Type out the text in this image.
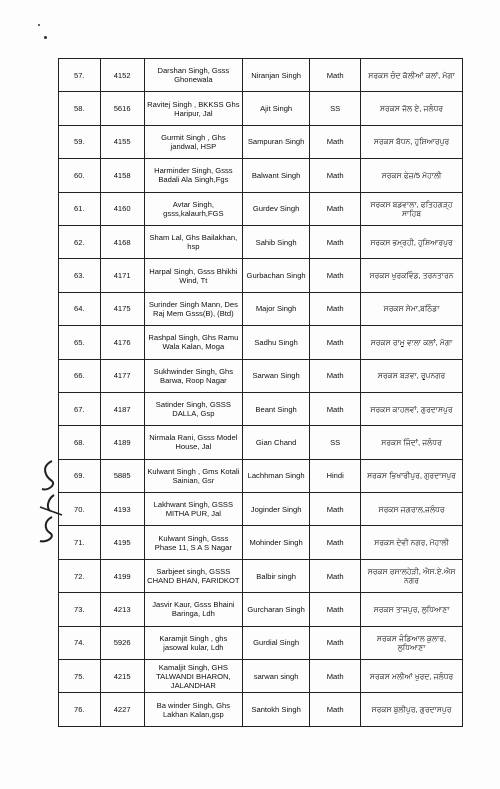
57.	4152	Darshan Singh, Gsss Ghonewala	Niranjan Singh	Math	ਸਰਕਸ ਚੰਦ ਕੱਲੀਆਂ ਕਲਾਂ, ਮੋਗਾ

58.	5616	Ravitej Singh , BKKSS Ghs Haripur, Jal	Ajit Singh	SS	ਸਰਕਸ ਜੱਲ ਏ, ਜਲੰਧਰ

59.	4155	Gurmit Singh , Ghs jandwal, HSP	Sampuran Singh	Math	ਸਰਕਸ ਬੱਧਨ, ਹੁਸ਼ਿਆਰਪੁਰ

60.	4158	Harminder Singh, Gsss Badali Ala Singh,Fgs	Balwant Singh	Math	ਸਰਕਸ ਫੇਜ਼/5 ਮੋਹਾਲੀ

61.	4160	Avtar Singh, gsss,kalaurh,FGS	Gurdev Singh	Math	ਸਰਕਸ ਬਡਵਾਲਾ, ਫਤਿਹਗੜ੍ਹ ਸਾਹਿਬ

62.	4168	Sham Lal, Ghs Bailakhan, hsp	Sahib Singh	Math	ਸਰਕਸ ਭਮ੍ਰਹੀ, ਹੁਸ਼ਿਆਰਪੁਰ

63.	4171	Harpal Singh, Gsss Bhikhi Wind, Tt	Gurbachan Singh	Math	ਸਰਕਸ ਖੁਰਕਵਿੰਡ, ਤਰਨਤਾਰਨ

64.	4175	Surinder Singh Mann, Des Raj Mem Gsss(B), (Btd)	Major Singh	Math	ਸਰਕਸ ਸੇਮਾ,ਬਠਿੰਡਾ

65.	4176	Rashpal Singh, Ghs Ramu Wala Kalan, Moga	Sadhu Singh	Math	ਸਰਕਸ ਰਾਮੂ ਵਾਲਾ ਕਲਾਂ, ਮੋਗਾ

66.	4177	Sukhwinder Singh, Ghs Barwa, Roop Nagar	Sarwan Singh	Math	ਸਰਕਸ ਬੜਵਾ, ਰੂਪਨਗਰ

67.	4187	Satinder Singh, GSSS DALLA, Gsp	Beant Singh	Math	ਸਰਕਸ ਕਾਹਲਵਾਂ, ਗੁਰਦਾਸਪੁਰ

68.	4189	Nirmala Rani, Gsss Model House, Jal	Gian Chand	SS	ਸਰਕਸ ਜਿੰਦਾਂ, ਜਲੰਧਰ

69.	5885	Kulwant Singh , Gms Kotali Sainian, Gsr	Lachhman Singh	Hindi	ਸਰਕਸ ਭਿਖਾਰੀਪੁਰ, ਗੁਰਦਾਸਪੁਰ

70.	4193	Lakhwant Singh, GSSS MITHA PUR, Jal	Joginder Singh	Math	ਸਰਕਸ ਜਗਰਾਲ,ਜਲੰਧਰ

71.	4195	Kulwant Singh, Gsss Phase 11, S A S Nagar	Mohinder Singh	Math	ਸਰਕਸ ਦੇਵੀ ਨਗਰ, ਮੋਹਾਲੀ

72.	4199	Sarbjeet singh, GSSS CHAND BHAN, FARIDKOT	Balbir singh	Math	ਸਰਕਸ ਰਸਾਲਹੇੜੀ, ਐਸ.ਏ.ਐਸ ਨਗਰ

73.	4213	Jasvir Kaur, Gsss Bhaini Baringa, Ldh	Gurcharan Singh	Math	ਸਰਕਸ ਤਾਜਪੁਰ, ਲੁਧਿਆਣਾ

74.	5926	Karamjit Singh , ghs jasowal kular, Ldh	Gurdial Singh	Math	ਸਰਕਸ ਜੰਡਿਆਲ ਕੁਲਾਰ, ਲੁਧਿਆਣਾ

75.	4215	Kamaljit Singh, GHS TALWANDI BHARON, JALANDHAR	sarwan singh	Math	ਸਰਕਸ ਮਲੀਆਂ ਖੁਰਦ, ਜਲੰਧਰ

76.	4227	Ba winder Singh, Ghs Lakhan Kalan,gsp	Santokh Singh	Math	ਸਰਕਸ ਬੁਲੀਪੁਰ, ਗੁਰਦਾਸਪੁਰ
